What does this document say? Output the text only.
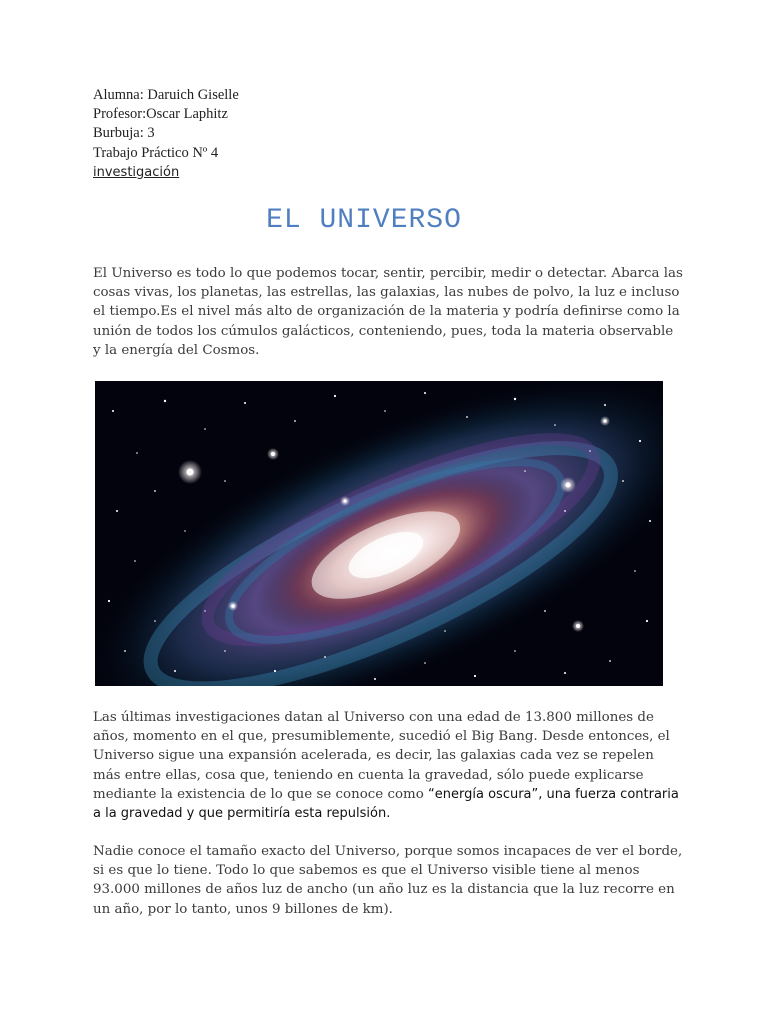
Alumna: Daruich Giselle
Profesor:Oscar Laphitz
Burbuja: 3
Trabajo Práctico Nº 4
investigación
EL UNIVERSO
El Universo es todo lo que podemos tocar, sentir, percibir, medir o detectar. Abarca las cosas vivas, los planetas, las estrellas, las galaxias, las nubes de polvo, la luz e incluso el tiempo.Es el nivel más alto de organización de la materia y podría definirse como la unión de todos los cúmulos galácticos, conteniendo, pues, toda la materia observable y la energía del Cosmos.
Las últimas investigaciones datan al Universo con una edad de 13.800 millones de años, momento en el que, presumiblemente, sucedió el Big Bang. Desde entonces, el Universo sigue una expansión acelerada, es decir, las galaxias cada vez se repelen más entre ellas, cosa que, teniendo en cuenta la gravedad, sólo puede explicarse mediante la existencia de lo que se conoce como “energía oscura”, una fuerza contraria a la gravedad y que permitiría esta repulsión.
Nadie conoce el tamaño exacto del Universo, porque somos incapaces de ver el borde, si es que lo tiene. Todo lo que sabemos es que el Universo visible tiene al menos 93.000 millones de años luz de ancho (un año luz es la distancia que la luz recorre en un año, por lo tanto, unos 9 billones de km).
